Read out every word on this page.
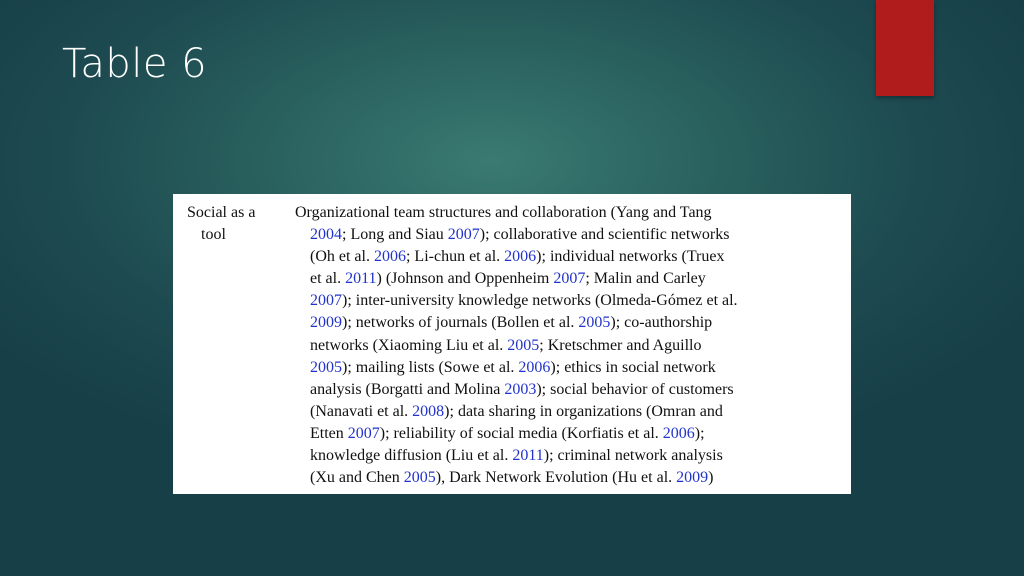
Table 6
Social as a
tool
Organizational team structures and collaboration (Yang and Tang
2004; Long and Siau 2007); collaborative and scientific networks
(Oh et al. 2006; Li-chun et al. 2006); individual networks (Truex
et al. 2011) (Johnson and Oppenheim 2007; Malin and Carley
2007); inter-university knowledge networks (Olmeda-Gómez et al.
2009); networks of journals (Bollen et al. 2005); co-authorship
networks (Xiaoming Liu et al. 2005; Kretschmer and Aguillo
2005); mailing lists (Sowe et al. 2006); ethics in social network
analysis (Borgatti and Molina 2003); social behavior of customers
(Nanavati et al. 2008); data sharing in organizations (Omran and
Etten 2007); reliability of social media (Korfiatis et al. 2006);
knowledge diffusion (Liu et al. 2011); criminal network analysis
(Xu and Chen 2005), Dark Network Evolution (Hu et al. 2009)
